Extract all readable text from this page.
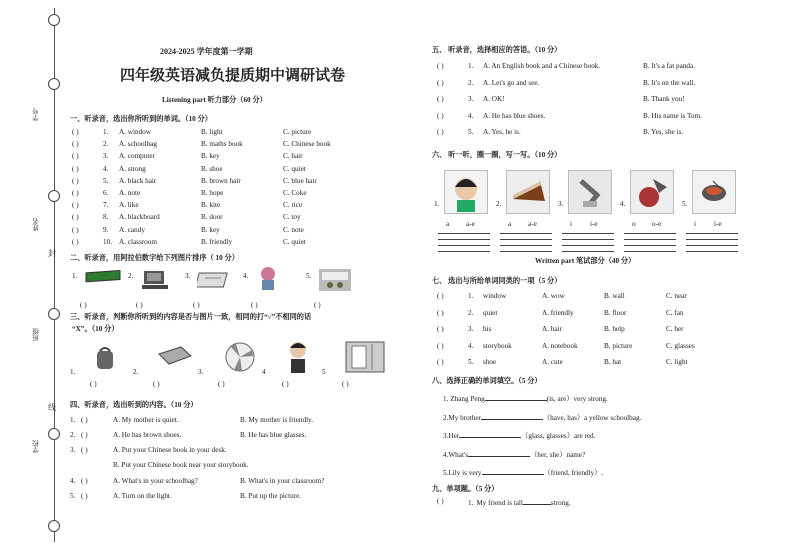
学号
姓名
班级
学校
封
线
2024-2025 学年度第一学期
四年级英语减负提质期中调研试卷
Listening part 听力部分（60 分）
一、听录音，选出你所听到的单词。（10 分）
( )	1. A. window	B. light	C. picture
( )	2. A. schoolbag	B. maths book	C. Chinese book
( )	3. A. computer	B. key	C. hair
( )	4. A. strong	B. shoe	C. quiet
( )	5. A. black hair	B. brown hair	C. blue hair
( )	6. A. note	B. hope	C. Coke
( )	7. A. like	B. kite	C. rice
( )	8. A. blackboard	B. door	C. toy
( )	9. A. candy	B. key	C. note
( )	10. A. classroom	B. friendly	C. quiet
二、听录音，用阿拉伯数字给下列图片排序（ 10 分）
1.
( )
2.
( )
3.
( )
4.
( )
5.
( )
三、听录音，判断你所听到的内容是否与图片一致，相同的打“√”不相同的话
“X”。（10 分）
1.
( )
2.
( )
3.
( )
4
( )
5
( )
四、听录音，选出听到的内容。（10 分）
1. ( )	A. My mother is quiet.	B. My mother is friendly.
2. ( )	A. He has brown shoes.	B. He has blue glasses.
3. ( )	A. Put your Chinese book in your desk.
B. Put your Chinese book near your storybook.
4. ( )	A. What's in your schoolbag?	B. What's in your classroom?
5. ( )	A. Turn on the light.	B. Put up the picture.
五、 听录音，选择相应的答语。（10 分）
( )	1. A. An English book and a Chinese book.	B. It's a fat panda.
( )	2. A. Let's go and see.	B. It's on the wall.
( )	3. A. OK!	B. Thank you!
( )	4. A. He has blue shoes.	B. His name is Tom.
( )	5. A. Yes, he is.	B. Yes, she is.
六、 听一听，圈一圈，写一写。（10 分）
1.
a a-e
2.
a a-e
3.
i	i-e
4.
o o-e
5.
i	i-e
Written part 笔试部分（40 分）
七、 选出与所给单词同类的一项（5 分）
( )	1. window	A. wow	B. wall	C. near
( )	2. quiet	A. friendly	B. floor	C. fan
( )	3. his	A. hair	B. help	C. her
( )	4. storybook	A. notebook	B. picture	C. glasses
( )	5. shoe	A. cute	B. hat	C. light
八、选择正确的单词填空。（5 分）
1. Zhang Peng	(is, are）very strong.
2.My brother	（have, has）a yellow schoolbag.
3.Her	（glass, glasses）are red.
4.What's	（her, she）name?
5.Lily is very	（friend, friendly）.
九、单项题。（5 分）
( )	1. My friend is tall	strong.
